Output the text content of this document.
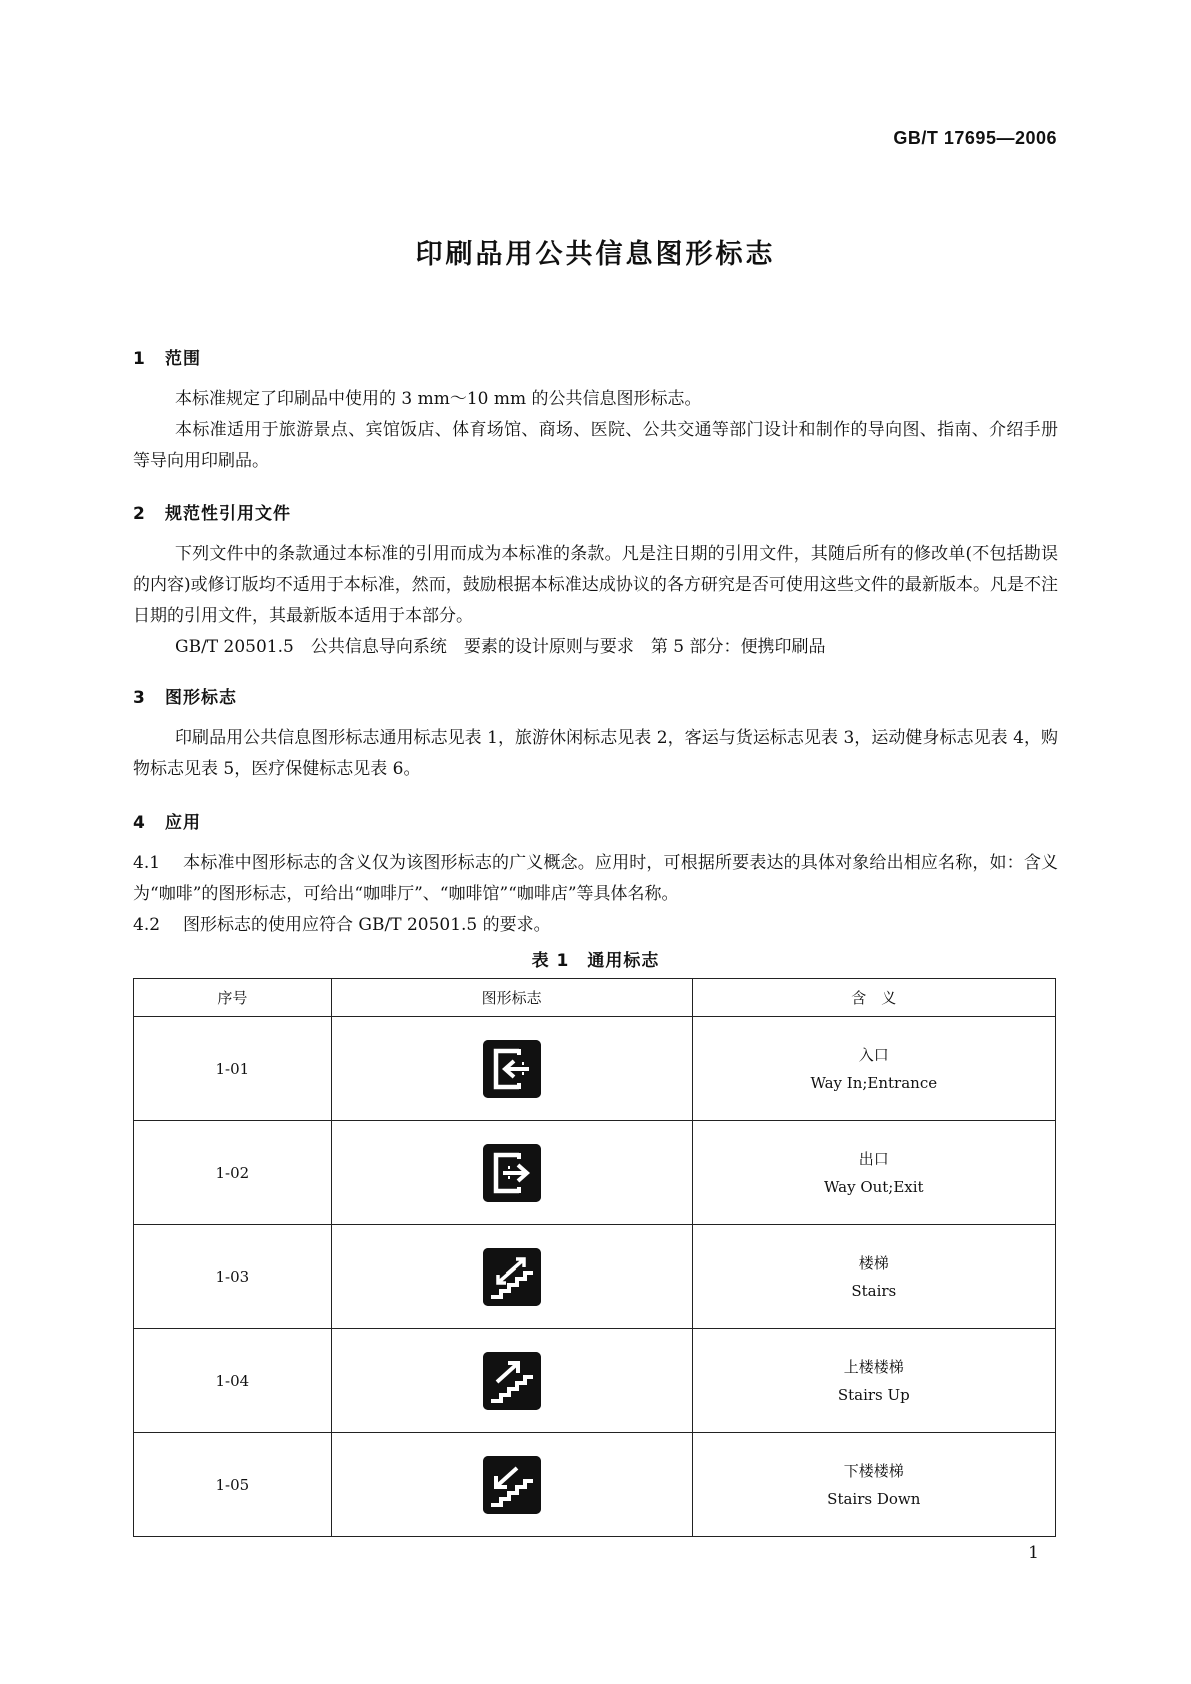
GB/T 17695—2006
印刷品用公共信息图形标志
1 范围
本标准规定了印刷品中使用的 3 mm～10 mm 的公共信息图形标志。
本标准适用于旅游景点、宾馆饭店、体育场馆、商场、医院、公共交通等部门设计和制作的导向图、指南、介绍手册等导向用印刷品。
2 规范性引用文件
下列文件中的条款通过本标准的引用而成为本标准的条款。凡是注日期的引用文件，其随后所有的修改单(不包括勘误的内容)或修订版均不适用于本标准，然而，鼓励根据本标准达成协议的各方研究是否可使用这些文件的最新版本。凡是不注日期的引用文件，其最新版本适用于本部分。
GB/T 20501.5　公共信息导向系统　要素的设计原则与要求　第 5 部分：便携印刷品
3 图形标志
印刷品用公共信息图形标志通用标志见表 1，旅游休闲标志见表 2，客运与货运标志见表 3，运动健身标志见表 4，购物标志见表 5，医疗保健标志见表 6。
4 应用
4.1 本标准中图形标志的含义仅为该图形标志的广义概念。应用时，可根据所要表达的具体对象给出相应名称，如：含义为“咖啡”的图形标志，可给出“咖啡厅”、“咖啡馆”“咖啡店”等具体名称。
4.2 图形标志的使用应符合 GB/T 20501.5 的要求。
表 1　通用标志
序号	图形标志	含　义
1-01		入口
Way In;Entrance

1-02		出口
Way Out;Exit

1-03		楼梯
Stairs

1-04		上楼楼梯
Stairs Up

1-05		下楼楼梯
Stairs Down
1
